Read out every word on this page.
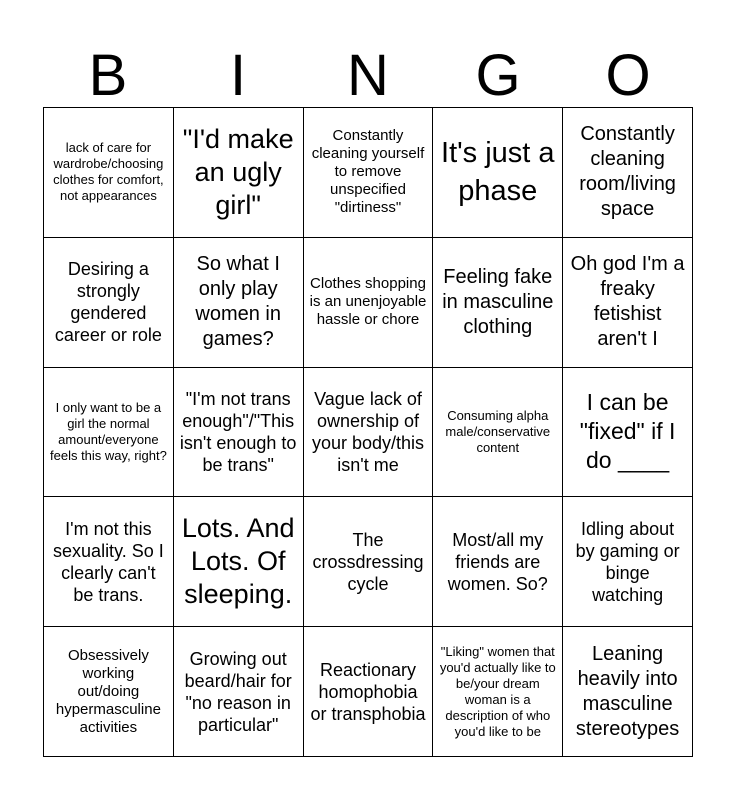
B	I	N	G	O
lack of care for wardrobe/choosing clothes for comfort, not appearances
"I'd make an ugly girl"
Constantly cleaning yourself to remove unspecified "dirtiness"
It's just a phase
Constantly cleaning room/living space
Desiring a strongly gendered career or role
So what I only play women in games?
Clothes shopping is an unenjoyable hassle or chore
Feeling fake in masculine clothing
Oh god I'm a freaky fetishist aren't I
I only want to be a girl the normal amount/everyone feels this way, right?
"I'm not trans enough"/"This isn't enough to be trans"
Vague lack of ownership of your body/this isn't me
Consuming alpha male/conservative content
I can be "fixed" if I do ____
I'm not this sexuality. So I clearly can't be trans.
Lots. And Lots. Of sleeping.
The crossdressing cycle
Most/all my friends are women. So?
Idling about by gaming or binge watching
Obsessively working out/doing hypermasculine activities
Growing out beard/hair for "no reason in particular"
Reactionary homophobia or transphobia
"Liking" women that you'd actually like to be/your dream woman is a description of who you'd like to be
Leaning heavily into masculine stereotypes
